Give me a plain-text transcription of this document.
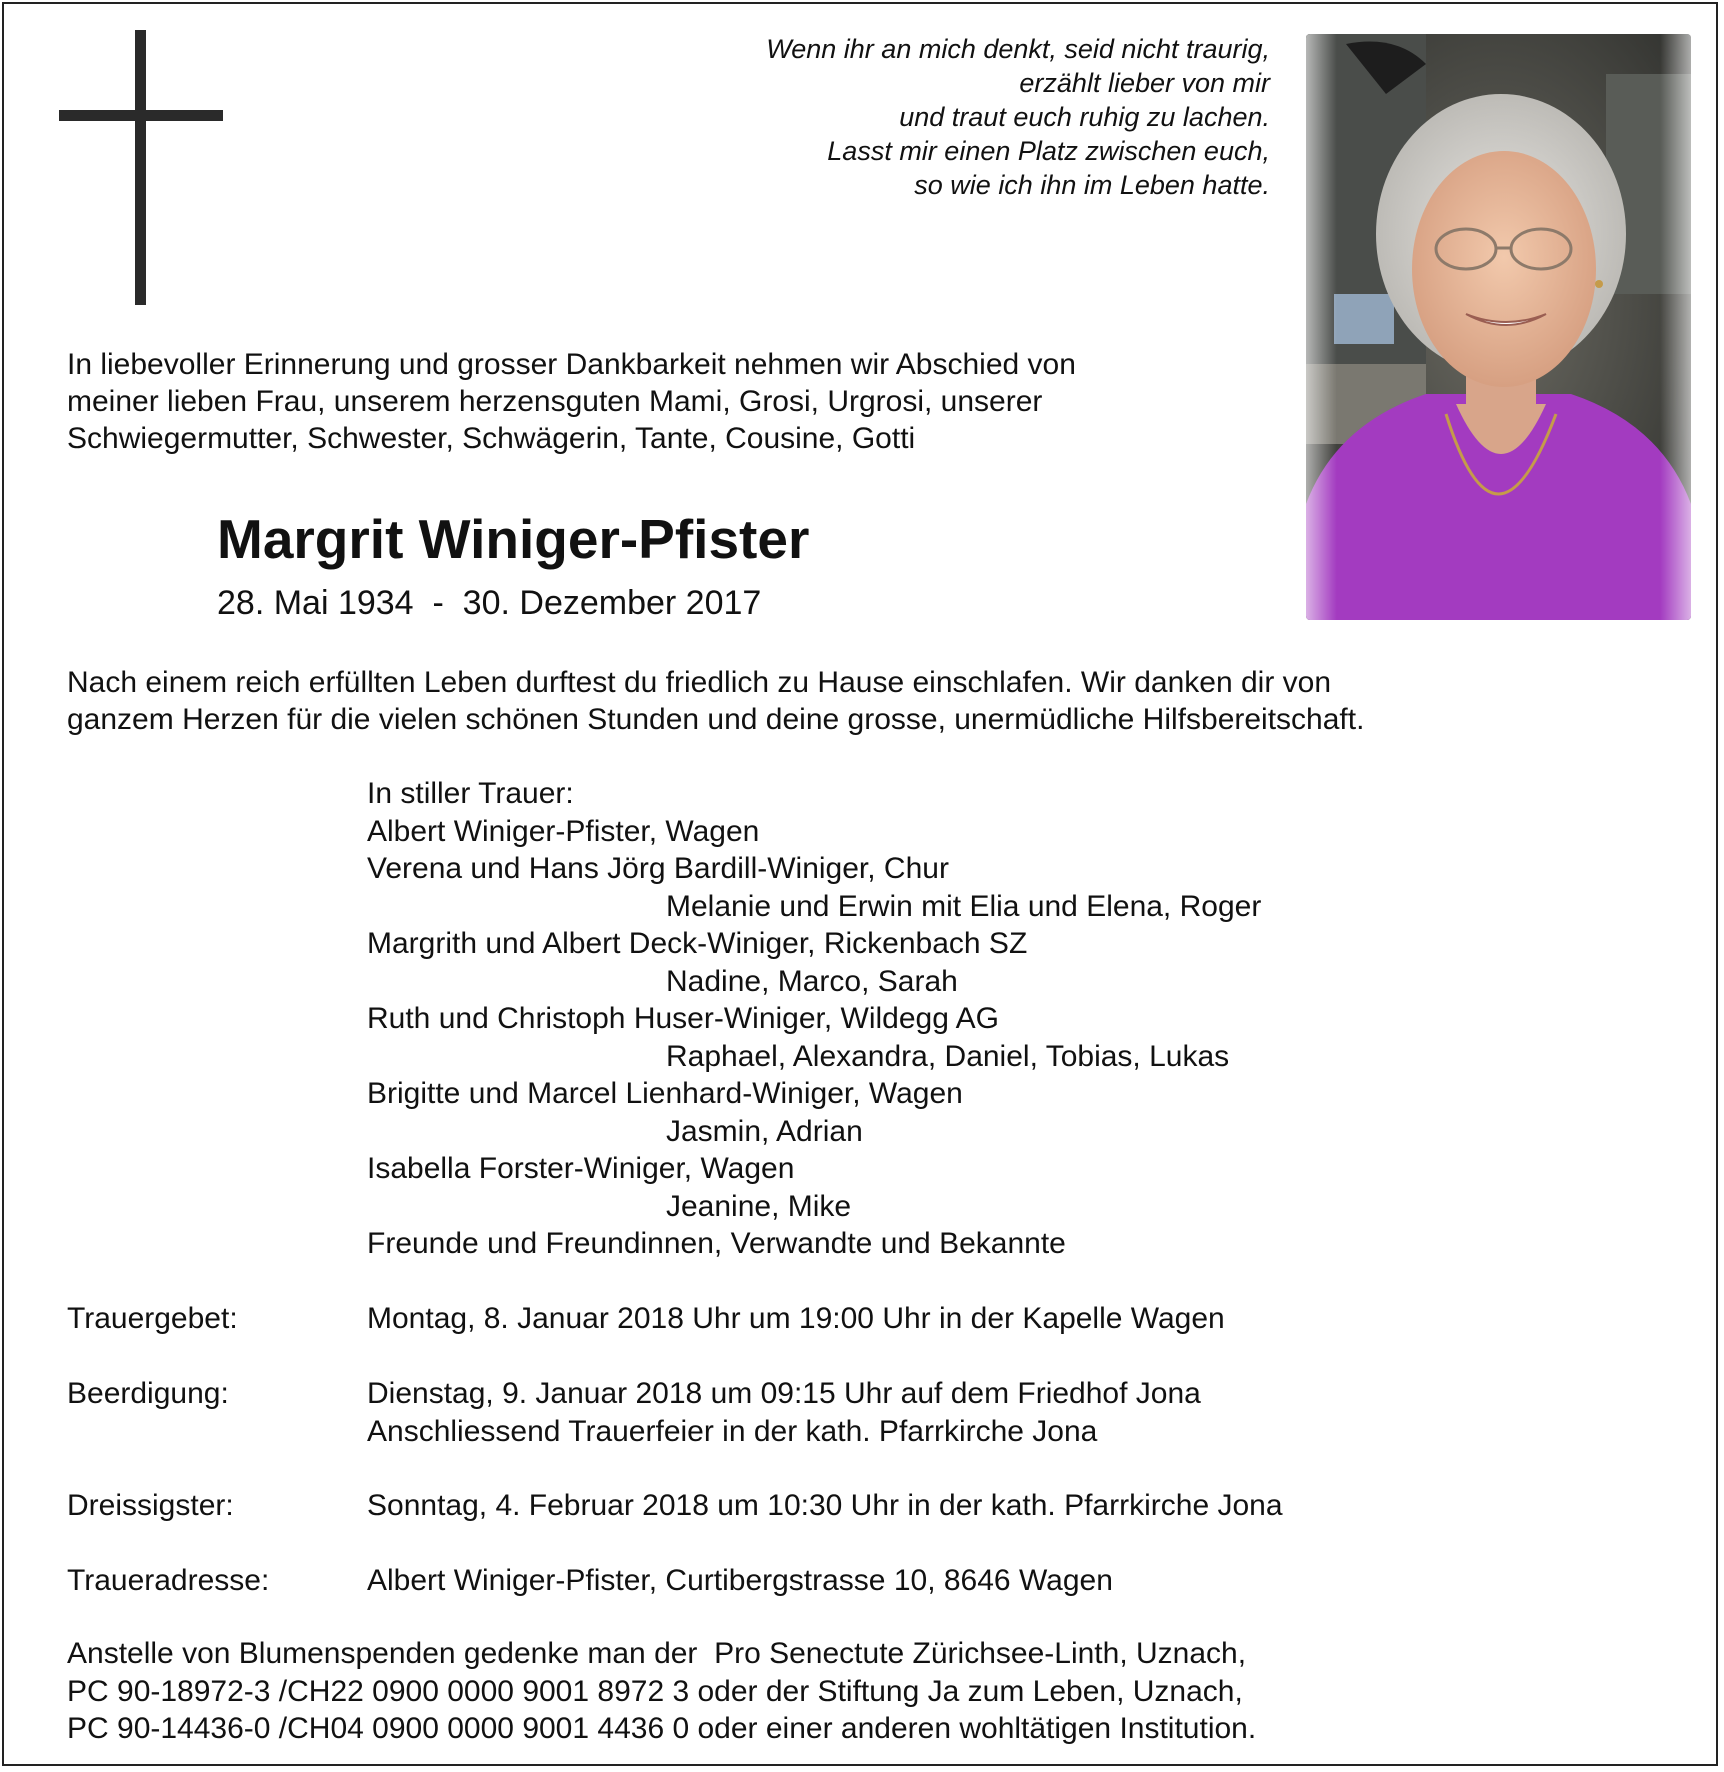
Wenn ihr an mich denkt, seid nicht traurig,
erzählt lieber von mir
und traut euch ruhig zu lachen.
Lasst mir einen Platz zwischen euch,
so wie ich ihn im Leben hatte.
In liebevoller Erinnerung und grosser Dankbarkeit nehmen wir Abschied von
meiner lieben Frau, unserem herzensguten Mami, Grosi, Urgrosi, unserer
Schwiegermutter, Schwester, Schwägerin, Tante, Cousine, Gotti
Margrit Winiger-Pfister
28. Mai 1934  -  30. Dezember 2017
Nach einem reich erfüllten Leben durftest du friedlich zu Hause einschlafen. Wir danken dir von
ganzem Herzen für die vielen schönen Stunden und deine grosse, unermüdliche Hilfsbereitschaft.
In stiller Trauer:
Albert Winiger-Pfister, Wagen
Verena und Hans Jörg Bardill-Winiger, Chur
Melanie und Erwin mit Elia und Elena, Roger
Margrith und Albert Deck-Winiger, Rickenbach SZ
Nadine, Marco, Sarah
Ruth und Christoph Huser-Winiger, Wildegg AG
Raphael, Alexandra, Daniel, Tobias, Lukas
Brigitte und Marcel Lienhard-Winiger, Wagen
Jasmin, Adrian
Isabella Forster-Winiger, Wagen
Jeanine, Mike
Freunde und Freundinnen, Verwandte und Bekannte
Trauergebet:	Montag, 8. Januar 2018 Uhr um 19:00 Uhr in der Kapelle Wagen
Beerdigung:	Dienstag, 9. Januar 2018 um 09:15 Uhr auf dem Friedhof Jona
Anschliessend Trauerfeier in der kath. Pfarrkirche Jona
Dreissigster:	Sonntag, 4. Februar 2018 um 10:30 Uhr in der kath. Pfarrkirche Jona
Traueradresse:	Albert Winiger-Pfister, Curtibergstrasse 10, 8646 Wagen
Anstelle von Blumenspenden gedenke man der  Pro Senectute Zürichsee-Linth, Uznach,
PC 90-18972-3 /CH22 0900 0000 9001 8972 3 oder der Stiftung Ja zum Leben, Uznach,
PC 90-14436-0 /CH04 0900 0000 9001 4436 0 oder einer anderen wohltätigen Institution.
